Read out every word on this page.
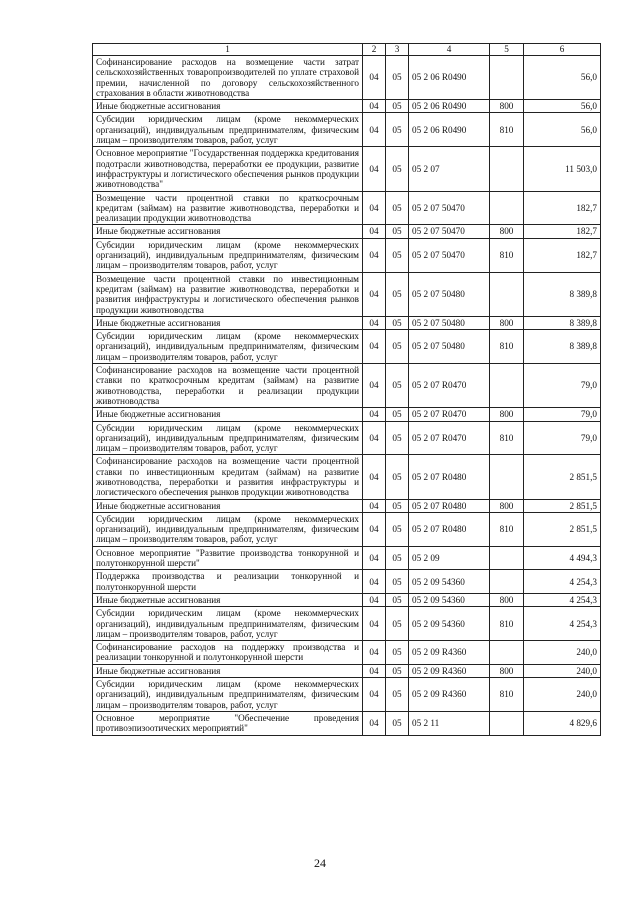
1	2	3	4	5	6
Софинансирование расходов на возмещение части затрат сельскохозяйственных товаропроизводителей по уплате страховой премии, начисленной по договору сельскохозяйственного страхования в области животноводства	04	05	05 2 06 R0490		56,0
Иные бюджетные ассигнования	04	05	05 2 06 R0490	800	56,0
Субсидии юридическим лицам (кроме некоммерческих организаций), индивидуальным предпринимателям, физическим лицам – производителям товаров, работ, услуг	04	05	05 2 06 R0490	810	56,0
Основное мероприятие "Государственная поддержка кредитования подотрасли животноводства, переработки ее продукции, развитие инфраструктуры и логистического обеспечения рынков продукции животноводства"	04	05	05 2 07		11 503,0
Возмещение части процентной ставки по краткосрочным кредитам (займам) на развитие животноводства, переработки и реализации продукции животноводства	04	05	05 2 07 50470		182,7
Иные бюджетные ассигнования	04	05	05 2 07 50470	800	182,7
Субсидии юридическим лицам (кроме некоммерческих организаций), индивидуальным предпринимателям, физическим лицам – производителям товаров, работ, услуг	04	05	05 2 07 50470	810	182,7
Возмещение части процентной ставки по инвестиционным кредитам (займам) на развитие животноводства, переработки и развития инфраструктуры и логистического обеспечения рынков продукции животноводства	04	05	05 2 07 50480		8 389,8
Иные бюджетные ассигнования	04	05	05 2 07 50480	800	8 389,8
Субсидии юридическим лицам (кроме некоммерческих организаций), индивидуальным предпринимателям, физическим лицам – производителям товаров, работ, услуг	04	05	05 2 07 50480	810	8 389,8
Софинансирование расходов на возмещение части процентной ставки по краткосрочным кредитам (займам) на развитие животноводства, переработки и реализации продукции животноводства	04	05	05 2 07 R0470		79,0
Иные бюджетные ассигнования	04	05	05 2 07 R0470	800	79,0
Субсидии юридическим лицам (кроме некоммерческих организаций), индивидуальным предпринимателям, физическим лицам – производителям товаров, работ, услуг	04	05	05 2 07 R0470	810	79,0
Софинансирование расходов на возмещение части процентной ставки по инвестиционным кредитам (займам) на развитие животноводства, переработки и развития инфраструктуры и логистического обеспечения рынков продукции животноводства	04	05	05 2 07 R0480		2 851,5
Иные бюджетные ассигнования	04	05	05 2 07 R0480	800	2 851,5
Субсидии юридическим лицам (кроме некоммерческих организаций), индивидуальным предпринимателям, физическим лицам – производителям товаров, работ, услуг	04	05	05 2 07 R0480	810	2 851,5
Основное мероприятие "Развитие производства тонкорунной и полутонкорунной шерсти"	04	05	05 2 09		4 494,3
Поддержка производства и реализации тонкорунной и полутонкорунной шерсти	04	05	05 2 09 54360		4 254,3
Иные бюджетные ассигнования	04	05	05 2 09 54360	800	4 254,3
Субсидии юридическим лицам (кроме некоммерческих организаций), индивидуальным предпринимателям, физическим лицам – производителям товаров, работ, услуг	04	05	05 2 09 54360	810	4 254,3
Софинансирование расходов на поддержку производства и реализации тонкорунной и полутонкорунной шерсти	04	05	05 2 09 R4360		240,0
Иные бюджетные ассигнования	04	05	05 2 09 R4360	800	240,0
Субсидии юридическим лицам (кроме некоммерческих организаций), индивидуальным предпринимателям, физическим лицам – производителям товаров, работ, услуг	04	05	05 2 09 R4360	810	240,0
Основное мероприятие "Обеспечение проведения противоэпизоотических мероприятий"	04	05	05 2 11		4 829,6
24
